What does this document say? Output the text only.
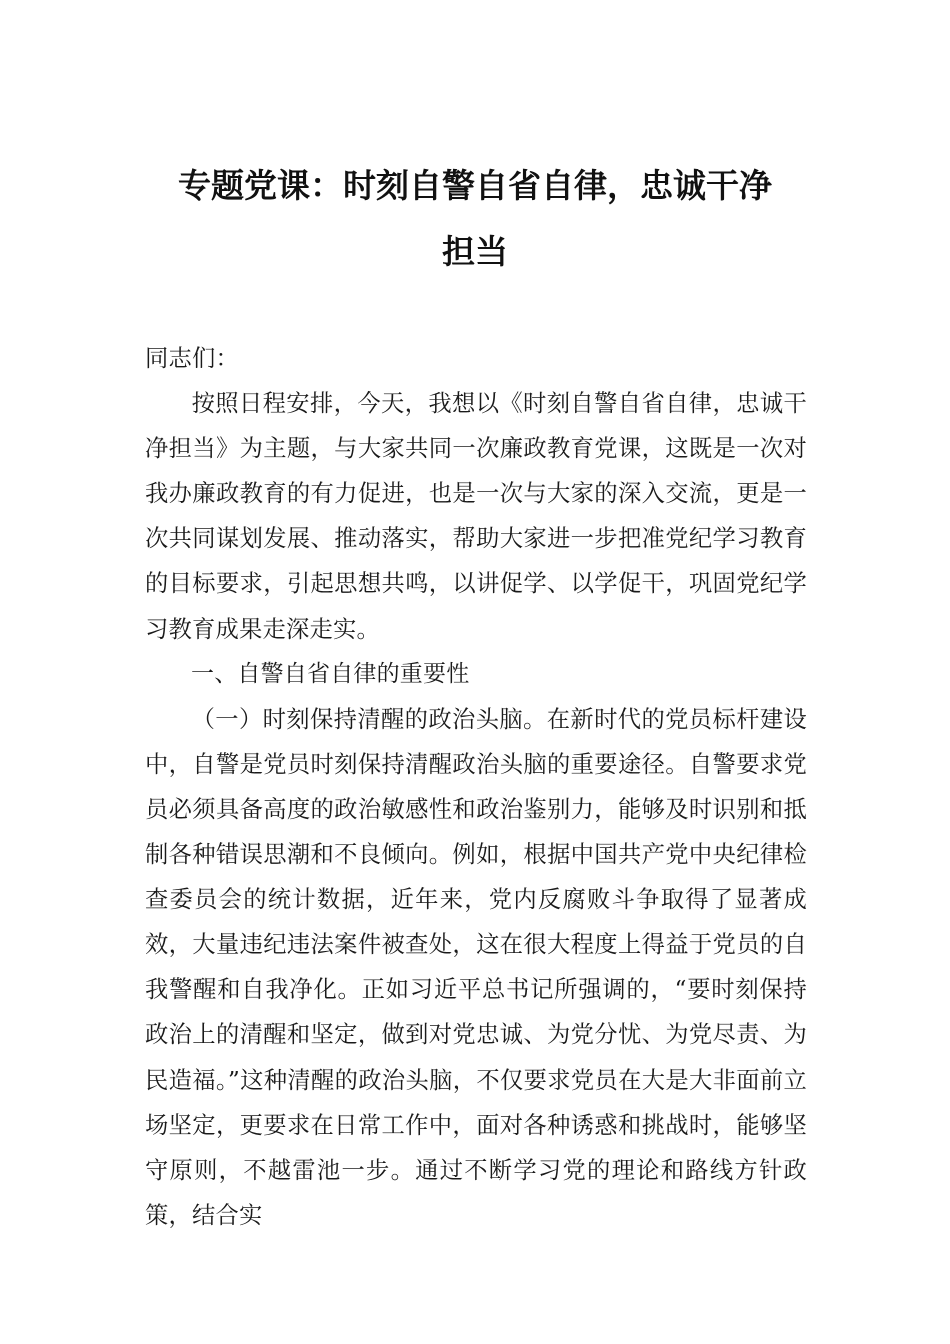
专题党课：时刻自警自省自律，忠诚干净
担当

同志们：

按照日程安排，今天，我想以《时刻自警自省自律，忠诚干净担当》为主题，与大家共同一次廉政教育党课，这既是一次对我办廉政教育的有力促进，也是一次与大家的深入交流，更是一次共同谋划发展、推动落实，帮助大家进一步把准党纪学习教育的目标要求，引起思想共鸣，以讲促学、以学促干，巩固党纪学习教育成果走深走实。

一、自警自省自律的重要性

（一）时刻保持清醒的政治头脑。在新时代的党员标杆建设中，自警是党员时刻保持清醒政治头脑的重要途径。自警要求党员必须具备高度的政治敏感性和政治鉴别力，能够及时识别和抵制各种错误思潮和不良倾向。例如，根据中国共产党中央纪律检查委员会的统计数据，近年来，党内反腐败斗争取得了显著成效，大量违纪违法案件被查处，这在很大程度上得益于党员的自我警醒和自我净化。正如习近平总书记所强调的，“要时刻保持政治上的清醒和坚定，做到对党忠诚、为党分忧、为党尽责、为民造福。”这种清醒的政治头脑，不仅要求党员在大是大非面前立场坚定，更要求在日常工作中，面对各种诱惑和挑战时，能够坚守原则，不越雷池一步。通过不断学习党的理论和路线方针政策，结合实
